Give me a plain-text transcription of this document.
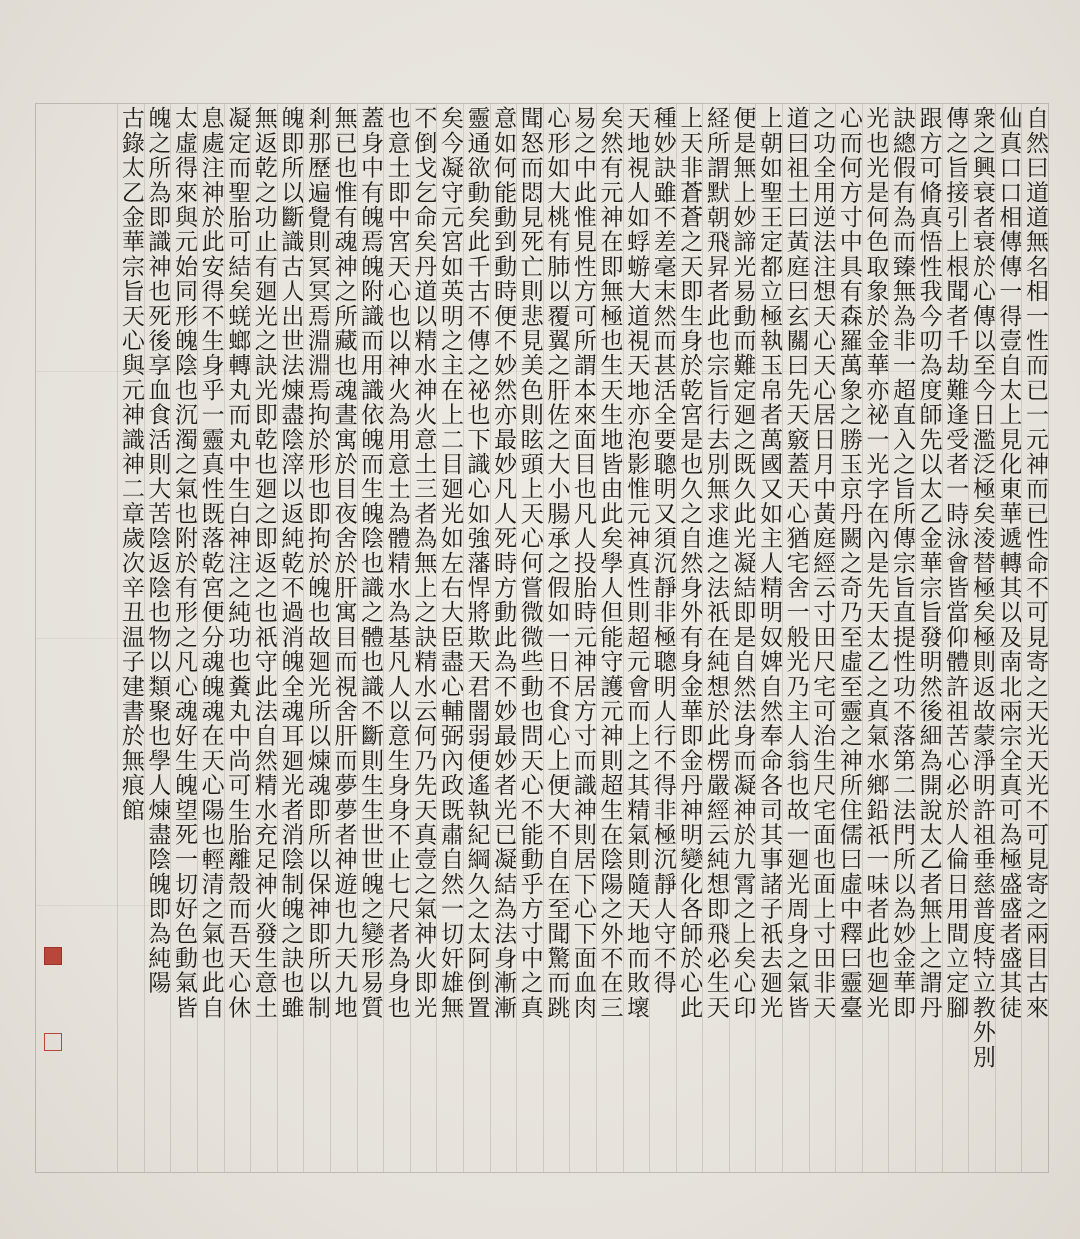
自然曰道道無名相一性而已一元神而已性命不可見寄之天光天光不可見寄之兩目古來
仙真口口相傳傳一得壹自太上見化東華遞轉其以及南北兩宗全真可為極盛盛者盛其徒
衆之興衰者衰於心傳以至今日濫泛極矣淩替極矣極則返故蒙淨明許祖垂慈普度特立教外別
傳之旨接引上根聞者千劫難逢受者一時泳會皆當仰體許祖苦心必於人倫日用間立定腳
跟方可脩真悟性我今叨為度師先以太乙金華宗旨發明然後細為開說太乙者無上之謂丹
訣總假有為而臻無為非一超直入之旨所傳宗旨直提性功不落第二法門所以為妙金華即
光也光是何色取象於金華亦祕一光字在內是先天太乙之真氣水鄉鉛祇一味者此也廻光
心而何方寸中具有森羅萬象之勝玉京丹闕之奇乃至虛至靈之神所住儒曰虛中釋曰靈臺
之功全用逆法注想天心天心居日月中黃庭經云寸田尺宅可治生尺宅面也面上寸田非天
道曰祖土曰黃庭曰玄關曰先天竅蓋天心猶宅舍一般光乃主人翁也故一廻光周身之氣皆
上朝如聖王定都立極執玉帛者萬國又如主人精明奴婢自然奉命各司其事諸子祇去廻光
便是無上妙諦光易動而難定廻之既久此光凝結即是自然法身而凝神於九霄之上矣心印
経所謂默朝飛昇者此也宗旨行去別無求進之法祇在純想於此楞嚴經云純想即飛必生天
上天非蒼蒼之天即生身於乾宮是也久之自然身外有身金華即金丹神明變化各師於心此
種妙訣雖不差毫末然而甚活全要聰明又須沉靜非極聰明人行不得非極沉靜人守不得
天地視人如蜉蝣大道視天地亦泡影惟元神真性則超元會而上之其精氣則隨天地而敗壞
矣然有元神在即無極也生天生地皆由此矣學人但能守護元神則超生在陰陽之外不在三
易之中此惟見性方可所謂本來面目也凡人投胎時元神居方寸而識神則居下心下面血肉
心形如大桃有肺以覆翼之肝佐之大小腸承之假如一日不食心上便大不自在至聞驚而跳
聞怒而悶見死亡則悲見美色則眩頭上天心何嘗微微些動也問天心不能動乎方寸中之真
意如何能動到動時便不妙然亦最妙凡人死時方動此為不妙最妙者光已凝結為法身漸漸
靈通欲動矣此千古不傳之祕也下識心如強藩悍將欺天君闇弱便遙執紀綱久之太阿倒置
矣今凝守元宮如英明之主在上二目廻光如左右大臣盡心輔弼內政既肅自然一切奸雄無
不倒戈乞命矣丹道以精水神火意土三者為無上之訣精水云何乃先天真壹之氣神火即光
也意土即中宮天心也以神火為用意土為體精水為基凡人以意生身身不止七尺者為身也
蓋身中有魄焉魄附識而用識依魄而生魄陰也識之體也識不斷則生生世世魄之變形易質
無已也惟有魂神之所藏也魂晝寓於目夜舍於肝寓目而視舍肝而夢夢者神遊也九天九地
剎那歷遍覺則冥冥焉淵淵焉拘於形也即拘於魄也故廻光所以煉魂即所以保神即所以制
魄即所以斷識古人出世法煉盡陰滓以返純乾不過消魄全魂耳廻光者消陰制魄之訣也雖
無返乾之功止有廻光之訣光即乾也廻之即返之也祇守此法自然精水充足神火發生意土
凝定而聖胎可結矣蜣螂轉丸而丸中生白神注之純功也糞丸中尚可生胎離殼而吾天心休
息處注神於此安得不生身乎一靈真性既落乾宮便分魂魄魂在天心陽也輕清之氣也此自
太虛得來與元始同形魄陰也沉濁之氣也附於有形之凡心魂好生魄望死一切好色動氣皆
魄之所為即識神也死後享血食活則大苦陰返陰也物以類聚也學人煉盡陰魄即為純陽
古錄太乙金華宗旨天心與元神識神二章歲次辛丑温子建書於無痕館
